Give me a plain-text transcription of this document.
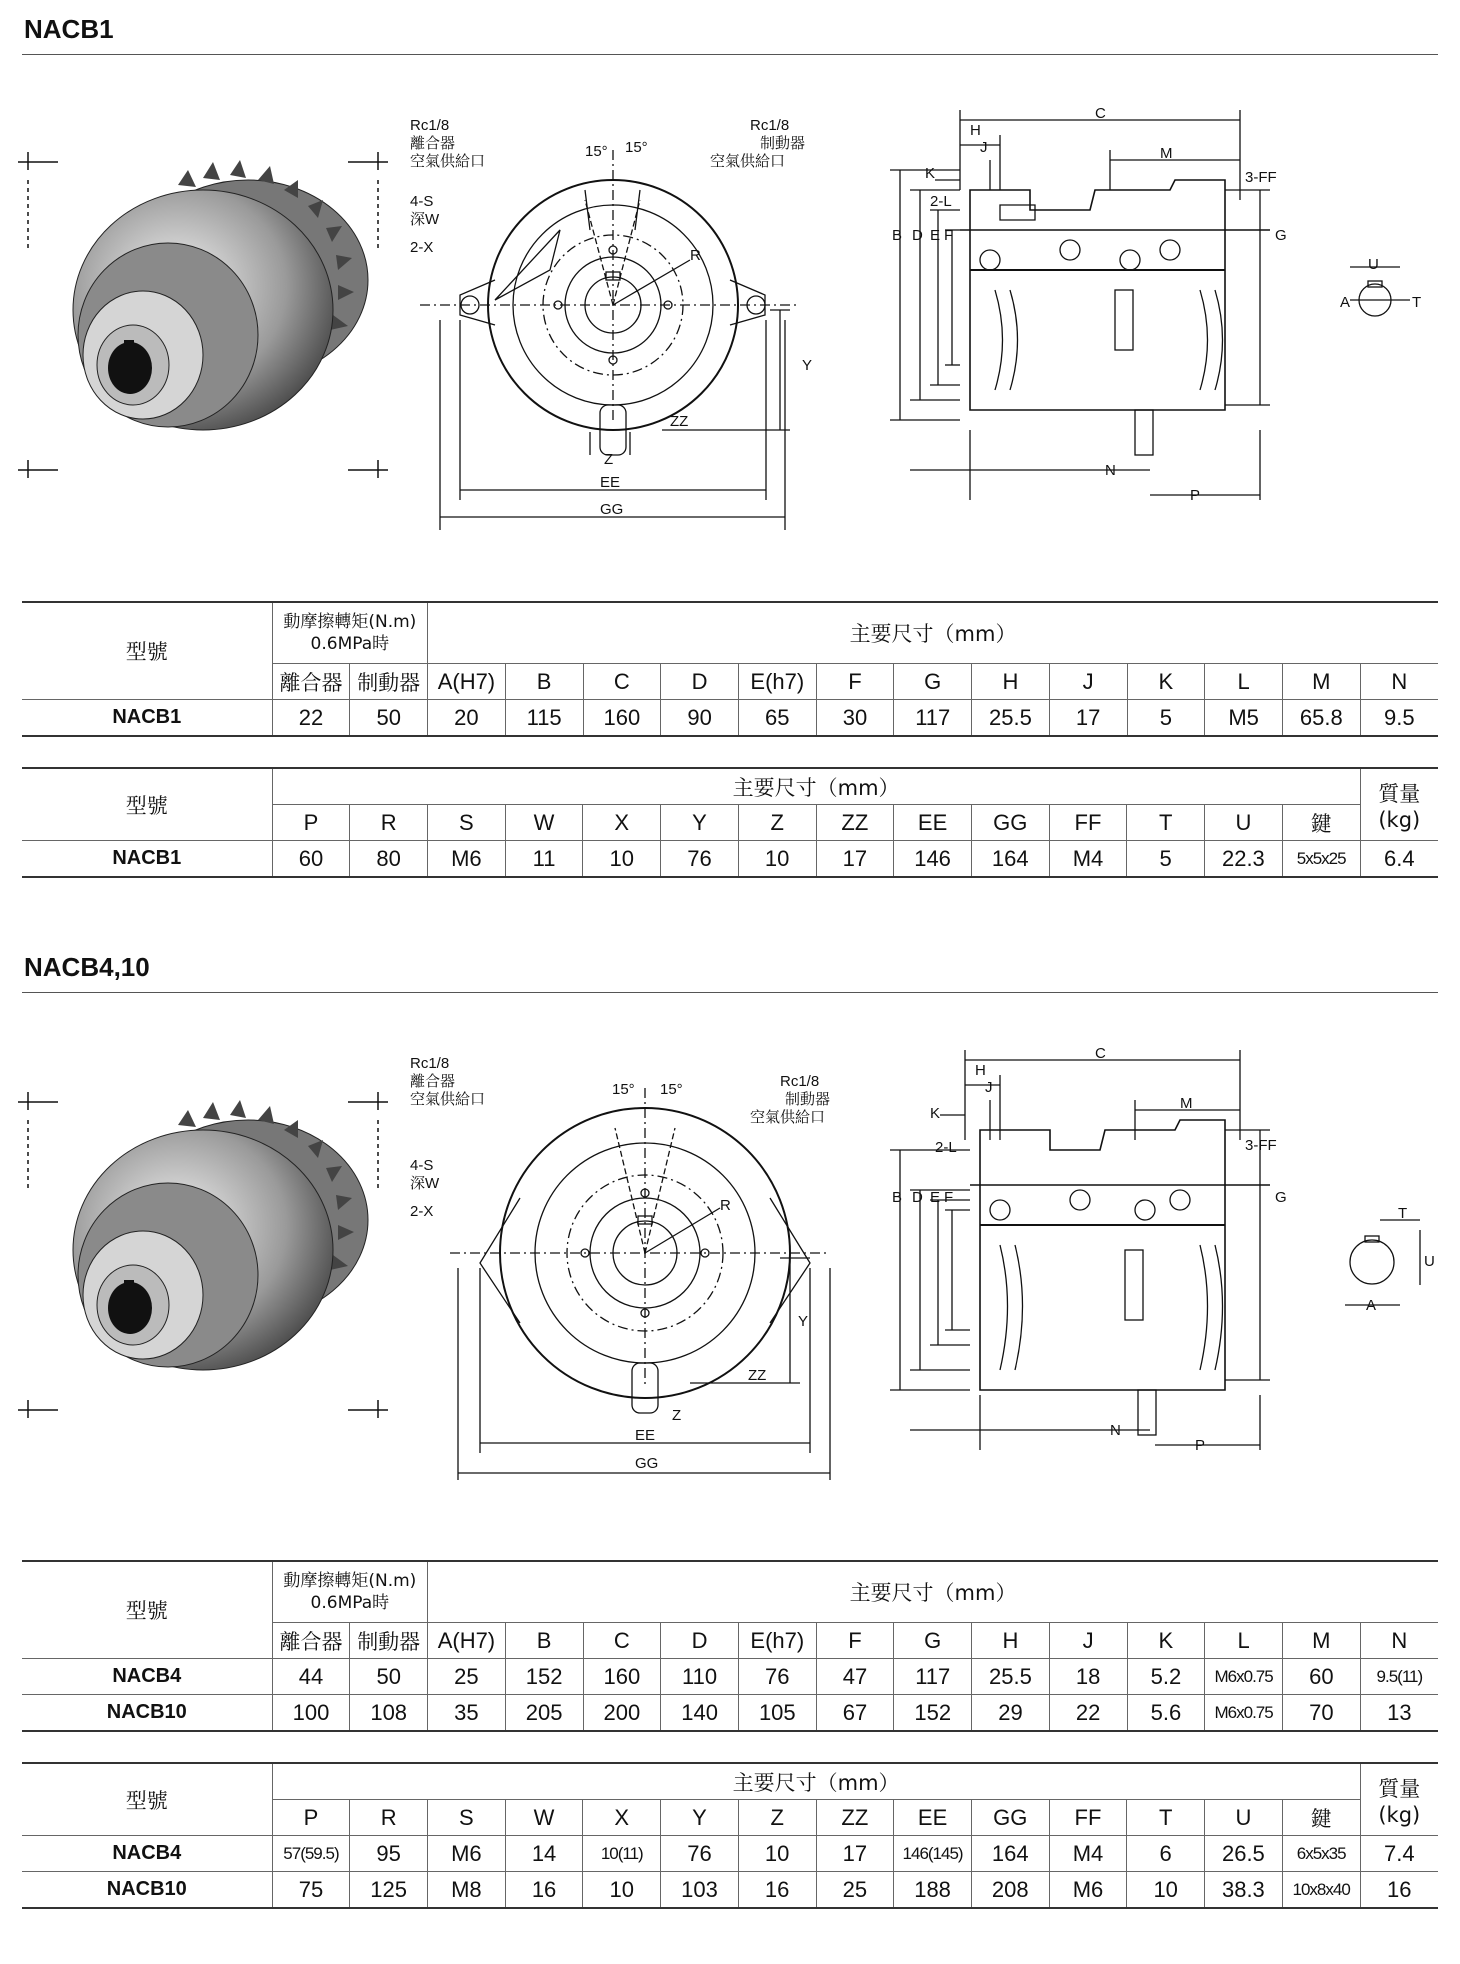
NACB1
Rc1/8
離合器
空氣供給口
Rc1/8
制動器
空氣供給口
15° 15°
4-S
深W
2-X	R
Y
ZZ
Z
EE
GG
C
H
J
K
M
3-FF
2-L
B D E F	G
N
P
U
A	T
型號	動摩擦轉矩(N.m)
0.6MPa時		主要尺寸（mm）												
	離合器	制動器	A(H7)	B	C	D	E(h7)	F	G	H	J	K	L	M	N
NACB1	22	50	20	115	160	90	65	30	117	25.5	17	5	M5	65.8	9.5
型號	主要尺寸（mm）														質量
(kg)

	P	R	S	W	X	Y	Z	ZZ	EE	GG	FF	T	U	鍵	
NACB1	60	80	M6	11	10	76	10	17	146	164	M4	5	22.3	5x5x25	6.4
NACB4,10
Rc1/8
離合器
空氣供給口
Rc1/8
制動器
空氣供給口
15° 15°
4-S
深W
2-X	R
Y
ZZ
Z
EE
GG
C
H
J
K
M
3-FF
2-L
B D E F	G
N
P
T
U
A
型號	動摩擦轉矩(N.m)
0.6MPa時		主要尺寸（mm）												
	離合器	制動器	A(H7)	B	C	D	E(h7)	F	G	H	J	K	L	M	N
NACB4	44	50	25	152	160	110	76	47	117	25.5	18	5.2	M6x0.75	60	9.5(11)
NACB10	100	108	35	205	200	140	105	67	152	29	22	5.6	M6x0.75	70	13
型號	主要尺寸（mm）														質量
(kg)

	P	R	S	W	X	Y	Z	ZZ	EE	GG	FF	T	U	鍵	
NACB4	57(59.5)	95	M6	14	10(11)	76	10	17	146(145)	164	M4	6	26.5	6x5x35	7.4
NACB10	75	125	M8	16	10	103	16	25	188	208	M6	10	38.3	10x8x40	16
